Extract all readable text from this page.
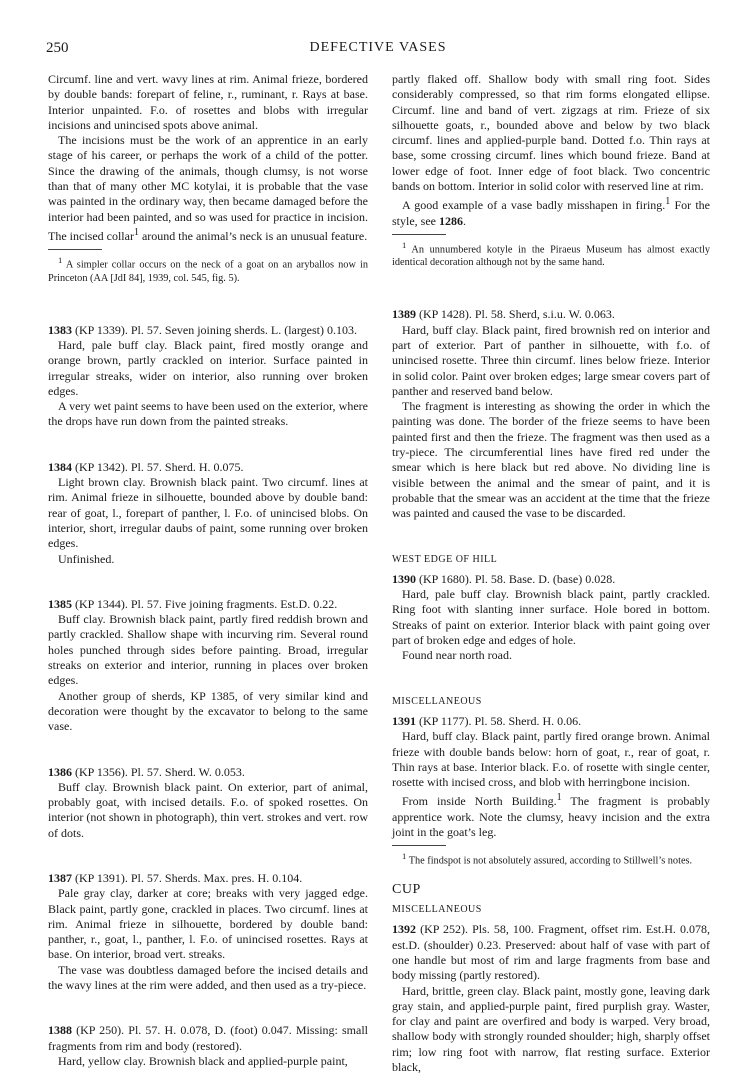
250	DEFECTIVE VASES

Circumf. line and vert. wavy lines at rim. Animal frieze, bordered by double bands: forepart of feline, r., ruminant, r. Rays at base. Interior unpainted. F.o. of rosettes and blobs with irregular incisions and unincised spots above animal.

The incisions must be the work of an apprentice in an early stage of his career, or perhaps the work of a child of the potter. Since the drawing of the animals, though clumsy, is not worse than that of many other MC kotylai, it is probable that the vase was painted in the ordinary way, then became damaged before the interior had been painted, and so was used for practice in incision. The incised collar$^1$ around the animal’s neck is an unusual feature.

$^1$ A simpler collar occurs on the neck of a goat on an aryballos now in Princeton (AA [JdI 84], 1939, col. 545, fig. 5).

1383 (KP 1339). Pl. 57. Seven joining sherds. L. (largest) 0.103.

Hard, pale buff clay. Black paint, fired mostly orange and orange brown, partly crackled on interior. Surface painted in irregular streaks, wider on interior, also running over broken edges.

A very wet paint seems to have been used on the exterior, where the drops have run down from the painted streaks.

1384 (KP 1342). Pl. 57. Sherd. H. 0.075.

Light brown clay. Brownish black paint. Two circumf. lines at rim. Animal frieze in silhouette, bounded above by double band: rear of goat, l., forepart of panther, l. F.o. of unincised blobs. On interior, short, irregular daubs of paint, some running over broken edges.

Unfinished.

1385 (KP 1344). Pl. 57. Five joining fragments. Est.D. 0.22.

Buff clay. Brownish black paint, partly fired reddish brown and partly crackled. Shallow shape with incurving rim. Several round holes punched through sides before painting. Broad, irregular streaks on exterior and interior, running in places over broken edges.

Another group of sherds, KP 1385, of very similar kind and decoration were thought by the excavator to belong to the same vase.

1386 (KP 1356). Pl. 57. Sherd. W. 0.053.

Buff clay. Brownish black paint. On exterior, part of animal, probably goat, with incised details. F.o. of spoked rosettes. On interior (not shown in photograph), thin vert. strokes and vert. row of dots.

1387 (KP 1391). Pl. 57. Sherds. Max. pres. H. 0.104.

Pale gray clay, darker at core; breaks with very jagged edge. Black paint, partly gone, crackled in places. Two circumf. lines at rim. Animal frieze in silhouette, bordered by double band: panther, r., goat, l., panther, l. F.o. of unincised rosettes. Rays at base. On interior, broad vert. streaks.

The vase was doubtless damaged before the incised details and the wavy lines at the rim were added, and then used as a try-piece.

1388 (KP 250). Pl. 57. H. 0.078, D. (foot) 0.047. Missing: small fragments from rim and body (restored).

Hard, yellow clay. Brownish black and applied-purple paint,

partly flaked off. Shallow body with small ring foot. Sides considerably compressed, so that rim forms elongated ellipse. Circumf. line and band of vert. zigzags at rim. Frieze of six silhouette goats, r., bounded above and below by two black circumf. lines and applied-purple band. Dotted f.o. Thin rays at base, some crossing circumf. lines which bound frieze. Band at lower edge of foot. Inner edge of foot black. Two concentric bands on bottom. Interior in solid color with reserved line at rim.

A good example of a vase badly misshapen in firing.$^1$ For the style, see 1286.

$^1$ An unnumbered kotyle in the Piraeus Museum has almost exactly identical decoration although not by the same hand.

1389 (KP 1428). Pl. 58. Sherd, s.i.u. W. 0.063.

Hard, buff clay. Black paint, fired brownish red on interior and part of exterior. Part of panther in silhouette, with f.o. of unincised rosette. Three thin circumf. lines below frieze. Interior in solid color. Paint over broken edges; large smear covers part of panther and reserved band below.

The fragment is interesting as showing the order in which the painting was done. The border of the frieze seems to have been painted first and then the frieze. The fragment was then used as a try-piece. The circumferential lines have fired red under the smear which is here black but red above. No dividing line is visible between the animal and the smear of paint, and it is probable that the smear was an accident at the time that the frieze was painted and caused the vase to be discarded.

WEST EDGE OF HILL

1390 (KP 1680). Pl. 58. Base. D. (base) 0.028.

Hard, pale buff clay. Brownish black paint, partly crackled. Ring foot with slanting inner surface. Hole bored in bottom. Streaks of paint on exterior. Interior black with paint going over part of broken edge and edges of hole.

Found near north road.

MISCELLANEOUS

1391 (KP 1177). Pl. 58. Sherd. H. 0.06.

Hard, buff clay. Black paint, partly fired orange brown. Animal frieze with double bands below: horn of goat, r., rear of goat, r. Thin rays at base. Interior black. F.o. of rosette with single center, rosette with incised cross, and blob with herringbone incision.

From inside North Building.$^1$ The fragment is probably apprentice work. Note the clumsy, heavy incision and the extra joint in the goat’s leg.

$^1$ The findspot is not absolutely assured, according to Stillwell’s notes.

CUP
MISCELLANEOUS

1392 (KP 252). Pls. 58, 100. Fragment, offset rim. Est.H. 0.078, est.D. (shoulder) 0.23. Preserved: about half of vase with part of one handle but most of rim and large fragments from base and body missing (partly restored).

Hard, brittle, green clay. Black paint, mostly gone, leaving dark gray stain, and applied-purple paint, fired purplish gray. Waster, for clay and paint are overfired and body is warped. Very broad, shallow body with strongly rounded shoulder; high, sharply offset rim; low ring foot with narrow, flat resting surface. Exterior black,
